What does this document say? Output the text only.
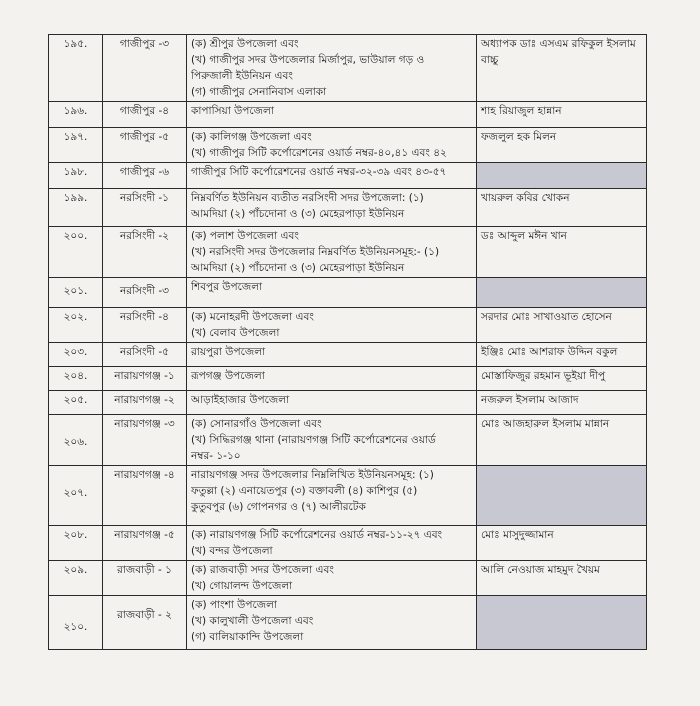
১৯৫.	গাজীপুর -৩	(ক) শ্রীপুর উপজেলা এবং
(খ) গাজীপুর সদর উপজেলার মির্জাপুর, ভাউয়াল গড় ও
পিরুজালী ইউনিয়ন এবং
(গ) গাজীপুর সেনানিবাস এলাকা	অধ্যাপক ডাঃ এসএম রফিকুল ইসলাম বাচ্চু
১৯৬.	গাজীপুর -৪	কাপাসিয়া উপজেলা	শাহ রিয়াজুল হান্নান
১৯৭.	গাজীপুর -৫	(ক) কালিগঞ্জ উপজেলা এবং
(খ) গাজীপুর সিটি কর্পোরেশনের ওয়ার্ড নম্বর-৪০,৪১ এবং ৪২	ফজলুল হক মিলন
১৯৮.	গাজীপুর -৬	গাজীপুর সিটি কর্পোরেশনের ওয়ার্ড নম্বর-৩২-৩৯ এবং ৪৩-৫৭	

১৯৯.	নরসিংদী -১	নিম্নবর্ণিত ইউনিয়ন ব্যতীত নরসিংদী সদর উপজেলা: (১)
আমদিয়া (২) পাঁচদোনা ও (৩) মেহেরপাড়া ইউনিয়ন	খায়রুল কবির খোকন
২০০.	নরসিংদী -২	(ক) পলাশ উপজেলা এবং
(খ) নরসিংদী সদর উপজেলার নিম্নবর্ণিত ইউনিয়নসমূহ:- (১)
আমদিয়া (২) পাঁচদোনা ও (৩) মেহেরপাড়া ইউনিয়ন	ডঃ আব্দুল মঈন খান
২০১.	নরসিংদী -৩	শিবপুর উপজেলা	

২০২.	নরসিংদী -৪	(ক) মনোহরদী উপজেলা এবং
(খ) বেলাব উপজেলা	সরদার মোঃ সাখাওয়াত হোসেন
২০৩.	নরসিংদী -৫	রায়পুরা উপজেলা	ইঞ্জিঃ মোঃ আশরাফ উদ্দিন বকুল
২০৪.	নারায়ণগঞ্জ -১	রূপগঞ্জ উপজেলা	মোস্তাফিজুর রহমান ভূইয়া দীপু
২০৫.	নারায়ণগঞ্জ -২	আড়াইহাজার উপজেলা	নজরুল ইসলাম আজাদ
২০৬.	নারায়ণগঞ্জ -৩	(ক) সোনারগাঁও উপজেলা এবং
(খ) সিদ্ধিরগঞ্জ থানা (নারায়ণগঞ্জ সিটি কর্পোরেশনের ওয়ার্ড
নম্বর- ১-১০	মোঃ আজহারুল ইসলাম মান্নান
২০৭.	নারায়ণগঞ্জ -৪	নারায়ণগঞ্জ সদর উপজেলার নিম্নলিখিত ইউনিয়নসমূহ: (১)
ফতুল্লা (২) এনায়েতপুর (৩) বক্তাবলী (৪) কাশিপুর (৫)
কুতুবপুর (৬) গোপনগর ও (৭) আলীরটেক	

২০৮.	নারায়ণগঞ্জ -৫	(ক) নারায়ণগঞ্জ সিটি কর্পোরেশনের ওয়ার্ড নম্বর-১১-২৭ এবং
(খ) বন্দর উপজেলা	মোঃ মাসুদুজ্জামান
২০৯.	রাজবাড়ী - ১	(ক) রাজবাড়ী সদর উপজেলা এবং
(খ) গোয়ালন্দ উপজেলা	আলি নেওয়াজ মাহমুদ খৈয়ম
২১০.	রাজবাড়ী - ২	(ক) পাংশা উপজেলা
(খ) কালুখালী উপজেলা এবং
(গ) বালিয়াকান্দি উপজেলা	
